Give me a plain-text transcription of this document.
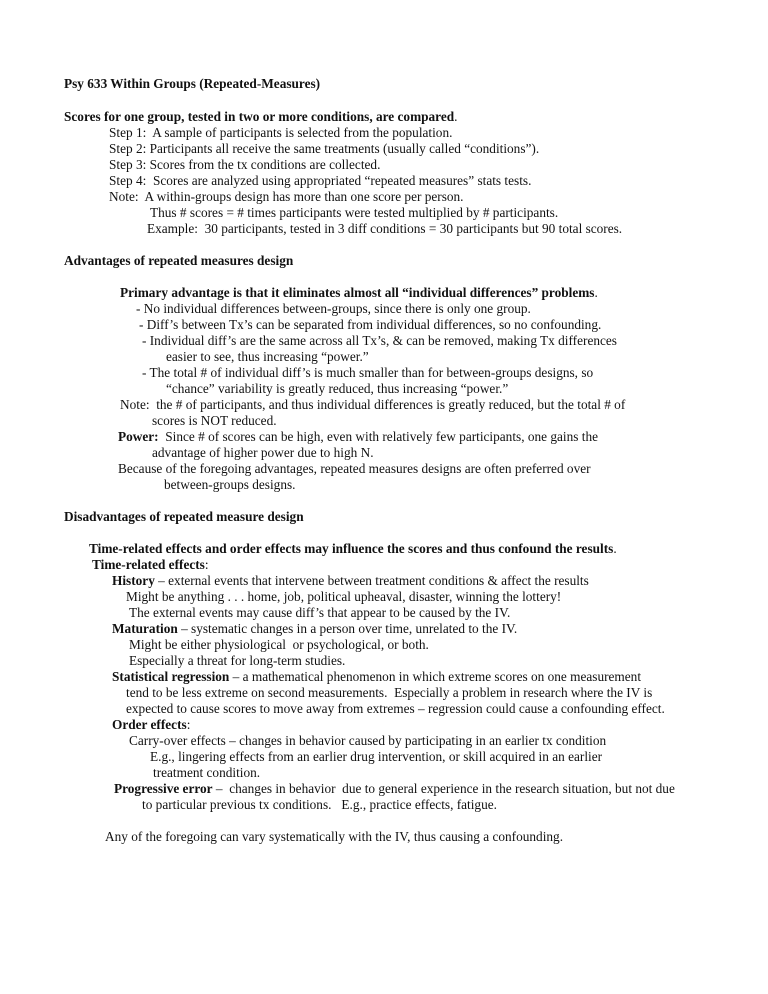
Psy 633 Within Groups (Repeated-Measures)
Scores for one group, tested in two or more conditions, are compared.
Step 1:  A sample of participants is selected from the population.
Step 2: Participants all receive the same treatments (usually called “conditions”).
Step 3: Scores from the tx conditions are collected.
Step 4:  Scores are analyzed using appropriated “repeated measures” stats tests.
Note:  A within-groups design has more than one score per person.
Thus # scores = # times participants were tested multiplied by # participants.
Example:  30 participants, tested in 3 diff conditions = 30 participants but 90 total scores.
Advantages of repeated measures design
Primary advantage is that it eliminates almost all “individual differences” problems.
- No individual differences between-groups, since there is only one group.
- Diff’s between Tx’s can be separated from individual differences, so no confounding.
- Individual diff’s are the same across all Tx’s, & can be removed, making Tx differences
easier to see, thus increasing “power.”
- The total # of individual diff’s is much smaller than for between-groups designs, so
“chance” variability is greatly reduced, thus increasing “power.”
Note:  the # of participants, and thus individual differences is greatly reduced, but the total # of
scores is NOT reduced.
Power:  Since # of scores can be high, even with relatively few participants, one gains the
advantage of higher power due to high N.
Because of the foregoing advantages, repeated measures designs are often preferred over
between-groups designs.
Disadvantages of repeated measure design
Time-related effects and order effects may influence the scores and thus confound the results.
Time-related effects:
History – external events that intervene between treatment conditions & affect the results
Might be anything . . . home, job, political upheaval, disaster, winning the lottery!
The external events may cause diff’s that appear to be caused by the IV.
Maturation – systematic changes in a person over time, unrelated to the IV.
Might be either physiological  or psychological, or both.
Especially a threat for long-term studies.
Statistical regression – a mathematical phenomenon in which extreme scores on one measurement
tend to be less extreme on second measurements.  Especially a problem in research where the IV is
expected to cause scores to move away from extremes – regression could cause a confounding effect.
Order effects:
Carry-over effects – changes in behavior caused by participating in an earlier tx condition
E.g., lingering effects from an earlier drug intervention, or skill acquired in an earlier
treatment condition.
Progressive error –  changes in behavior  due to general experience in the research situation, but not due
to particular previous tx conditions.   E.g., practice effects, fatigue.
Any of the foregoing can vary systematically with the IV, thus causing a confounding.
